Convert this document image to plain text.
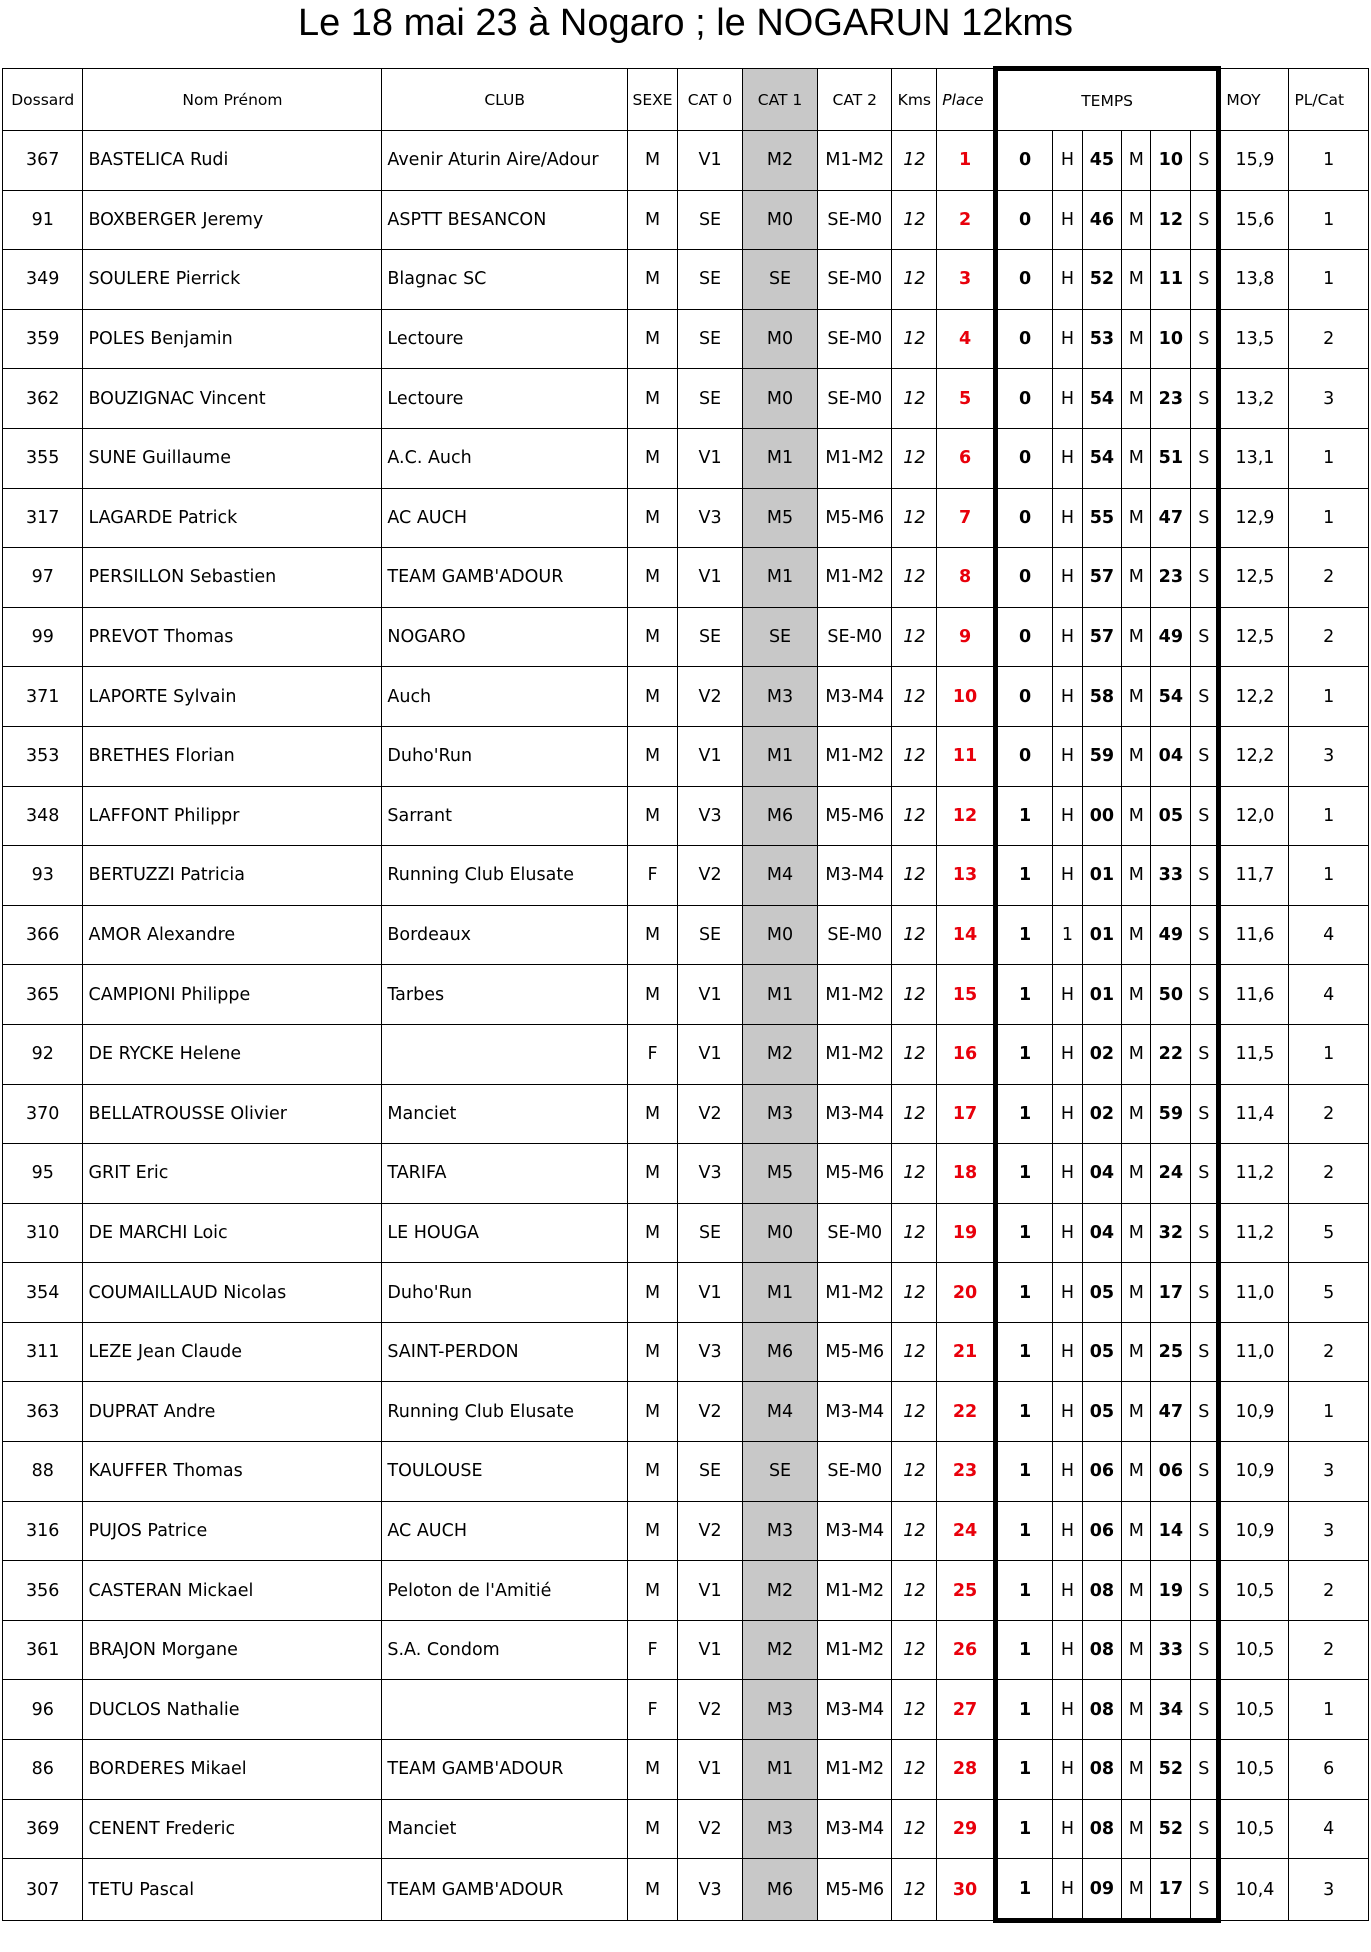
Le 18 mai 23 à Nogaro ; le NOGARUN 12kms
Dossard	Nom Prénom	CLUB	SEXE	CAT 0	CAT 1	CAT 2	Kms	Place	TEMPS						MOY	PL/Cat
367	BASTELICA Rudi	Avenir Aturin Aire/Adour	M	V1	M2	M1-M2	12	1	0	H	45	M	10	S	15,9	1
91	BOXBERGER Jeremy	ASPTT BESANCON	M	SE	M0	SE-M0	12	2	0	H	46	M	12	S	15,6	1
349	SOULERE Pierrick	Blagnac SC	M	SE	SE	SE-M0	12	3	0	H	52	M	11	S	13,8	1
359	POLES Benjamin	Lectoure	M	SE	M0	SE-M0	12	4	0	H	53	M	10	S	13,5	2
362	BOUZIGNAC Vincent	Lectoure	M	SE	M0	SE-M0	12	5	0	H	54	M	23	S	13,2	3
355	SUNE Guillaume	A.C. Auch	M	V1	M1	M1-M2	12	6	0	H	54	M	51	S	13,1	1
317	LAGARDE Patrick	AC AUCH	M	V3	M5	M5-M6	12	7	0	H	55	M	47	S	12,9	1
97	PERSILLON Sebastien	TEAM GAMB'ADOUR	M	V1	M1	M1-M2	12	8	0	H	57	M	23	S	12,5	2
99	PREVOT Thomas	NOGARO	M	SE	SE	SE-M0	12	9	0	H	57	M	49	S	12,5	2
371	LAPORTE Sylvain	Auch	M	V2	M3	M3-M4	12	10	0	H	58	M	54	S	12,2	1
353	BRETHES Florian	Duho'Run	M	V1	M1	M1-M2	12	11	0	H	59	M	04	S	12,2	3
348	LAFFONT Philippr	Sarrant	M	V3	M6	M5-M6	12	12	1	H	00	M	05	S	12,0	1
93	BERTUZZI Patricia	Running Club Elusate	F	V2	M4	M3-M4	12	13	1	H	01	M	33	S	11,7	1
366	AMOR Alexandre	Bordeaux	M	SE	M0	SE-M0	12	14	1	1	01	M	49	S	11,6	4
365	CAMPIONI Philippe	Tarbes	M	V1	M1	M1-M2	12	15	1	H	01	M	50	S	11,6	4
92	DE RYCKE Helene		F	V1	M2	M1-M2	12	16	1	H	02	M	22	S	11,5	1
370	BELLATROUSSE Olivier	Manciet	M	V2	M3	M3-M4	12	17	1	H	02	M	59	S	11,4	2
95	GRIT Eric	TARIFA	M	V3	M5	M5-M6	12	18	1	H	04	M	24	S	11,2	2
310	DE MARCHI Loic	LE HOUGA	M	SE	M0	SE-M0	12	19	1	H	04	M	32	S	11,2	5
354	COUMAILLAUD Nicolas	Duho'Run	M	V1	M1	M1-M2	12	20	1	H	05	M	17	S	11,0	5
311	LEZE Jean Claude	SAINT-PERDON	M	V3	M6	M5-M6	12	21	1	H	05	M	25	S	11,0	2
363	DUPRAT Andre	Running Club Elusate	M	V2	M4	M3-M4	12	22	1	H	05	M	47	S	10,9	1
88	KAUFFER Thomas	TOULOUSE	M	SE	SE	SE-M0	12	23	1	H	06	M	06	S	10,9	3
316	PUJOS Patrice	AC AUCH	M	V2	M3	M3-M4	12	24	1	H	06	M	14	S	10,9	3
356	CASTERAN Mickael	Peloton de l'Amitié	M	V1	M2	M1-M2	12	25	1	H	08	M	19	S	10,5	2
361	BRAJON Morgane	S.A. Condom	F	V1	M2	M1-M2	12	26	1	H	08	M	33	S	10,5	2
96	DUCLOS Nathalie		F	V2	M3	M3-M4	12	27	1	H	08	M	34	S	10,5	1
86	BORDERES Mikael	TEAM GAMB'ADOUR	M	V1	M1	M1-M2	12	28	1	H	08	M	52	S	10,5	6
369	CENENT Frederic	Manciet	M	V2	M3	M3-M4	12	29	1	H	08	M	52	S	10,5	4
307	TETU Pascal	TEAM GAMB'ADOUR	M	V3	M6	M5-M6	12	30	1	H	09	M	17	S	10,4	3
